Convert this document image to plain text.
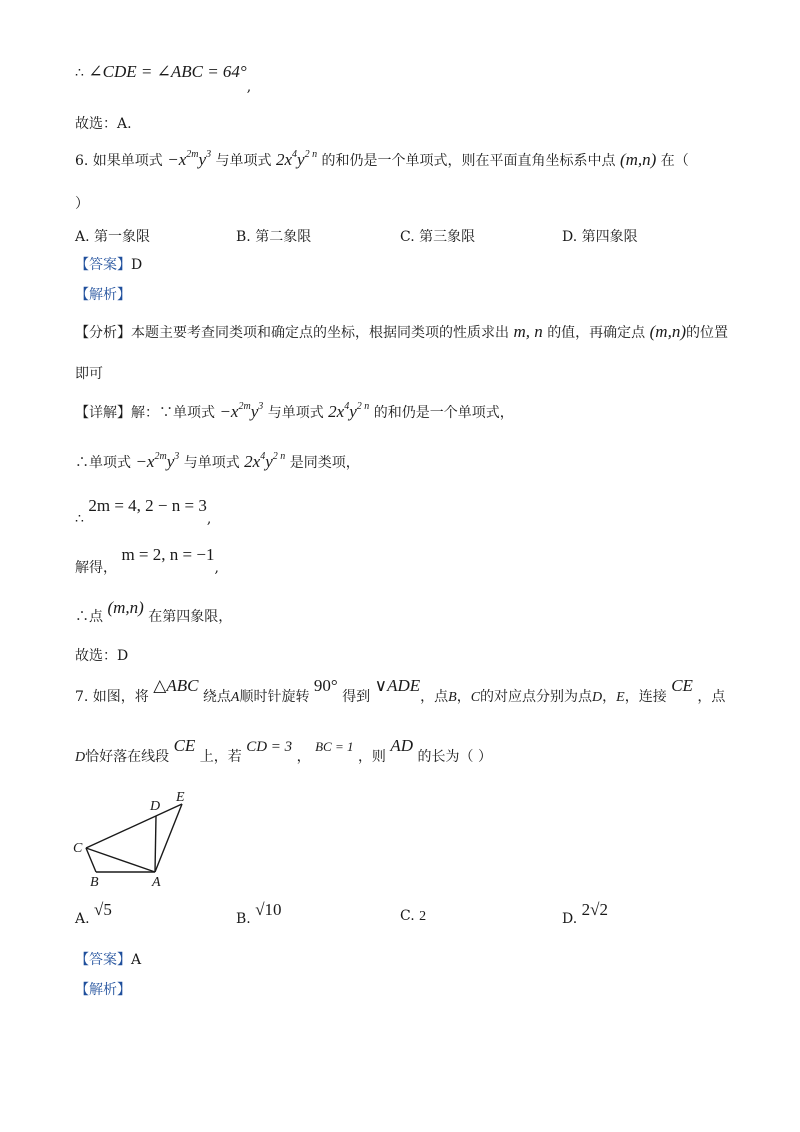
∴ ∠CDE = ∠ABC = 64°,
故选：A.
6. 如果单项式 $-x^{2m}y^3$ 与单项式 $2x^4y^{2 n}$ 的和仍是一个单项式，则在平面直角坐标系中点 (m,n) 在（
）
A. 第一象限	B. 第二象限	C. 第三象限	D. 第四象限
【答案】D
【解析】
【分析】本题主要考查同类项和确定点的坐标，根据同类项的性质求出 m, n 的值，再确定点 (m,n)的位置
即可
【详解】解：∵单项式 $-x^{2m}y^3$ 与单项式 $2x^4y^{2 n}$ 的和仍是一个单项式，
∴单项式 $-x^{2m}y^3$ 与单项式 $2x^4y^{2 n}$ 是同类项，
∴ 2m = 4, 2 − n = 3,
解得， m = 2, n = −1,
∴点 (m,n) 在第四象限，
故选：D
7. 如图，将 △ABC 绕点A顺时针旋转 90° 得到 ∨ADE，点B，C的对应点分别为点D，E，连接 CE ，点
D恰好落在线段 CE 上，若 CD = 3 ， BC = 1 ，则 AD 的长为（ ）
D
E
C
B	A
A. √5	B. √10	C. 2	D. 2√2
【答案】A
【解析】
